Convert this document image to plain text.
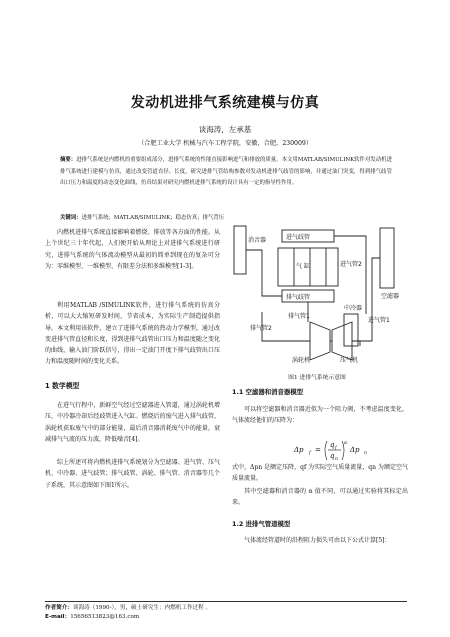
发动机进排气系统建模与仿真
谈海涛，左承基
（合肥工业大学 机械与汽车工程学院，安徽，合肥，230009）
摘要：进排气系统是内燃机的重要组成部分，进排气系统的性能直接影响进气和排放的质量。本文用MATLAB/SIMULINK软件对发动机进排气系统进行建模与仿真，通过改变管道直径、长度，研究进排气管结构参数对发动机进排气歧管的影响，并通过油门突变，得到排气歧管出口压力和温度的动态变化曲线，仿真结果对研究内燃机进排气系统的设计具有一定的指导性作用。
关键词：进排气系统；MATLAB/SIMULINK；稳态仿真；排气背压
内燃机进排气系统直接影响着燃烧、排放等各方面的性能。从上个世纪三十年代起，人们便开始从理论上对进排气系统进行研究，进排气系统的气体流动模型从最初的简单到现在的复杂可分为：零维模型、一维模型、有限差分法和多维模型[1-3]。
利用MATLAB /SIMULINK软件，进行排气系统的仿真分析，可以大大缩短研发时间，节省成本，为实际生产制造提供指导。本文利用该软件，建立了进排气系统的热动力学模型，通过改变进排气管直径和长度，得到进排气歧管出口压力和温度随之变化的曲线，输入油门阶跃信号，得出一定油门开度下排气歧管出口压力和温度随时间的变化关系。
1 数学模型
在进气行程中，新鲜空气经过空滤器进入管道，通过涡轮机增压，中冷器冷却后经歧管进入气缸。燃烧后的废气进入排气歧管，涡轮机获取废气中的部分能量，最后消音器消耗废气中的能量，衰减排气气流的压力波，降低噪音[4]。
综上所述可将内燃机进排气系统划分为空滤器、进气管、压气机、中冷器、进气歧管；排气歧管、涡轮、排气管、消音器等几个子系统，其示意图如下图1所示。
消音器
排气管2
进气歧管
气 缸
排气歧管
进气管2
排气管1
中冷器
空滤器
进气管1
涡轮机	压气机
图1 进排气系统示意图
1.1 空滤器和消音器模型
可以将空滤器和消音器近似为一个阻力阀，不考虑温度变化，气体流经他们的压降为：
Δp f =
q f
q n
α
Δp n
式中，Δpn 是额定压降，qf 为实际空气质量流量，qn 为额定空气质量流量。
其中空滤器和消音器的 α 值不同，可以通过实验将其标定出来。
1.2 进排气管道模型
气体流经管道时的沿程阻力损失可由以下公式计算[5]：
作者简介：谈海涛（1990-），男，硕士研究生：内燃机工作过程 。
E-mail：15656513823@163.com
